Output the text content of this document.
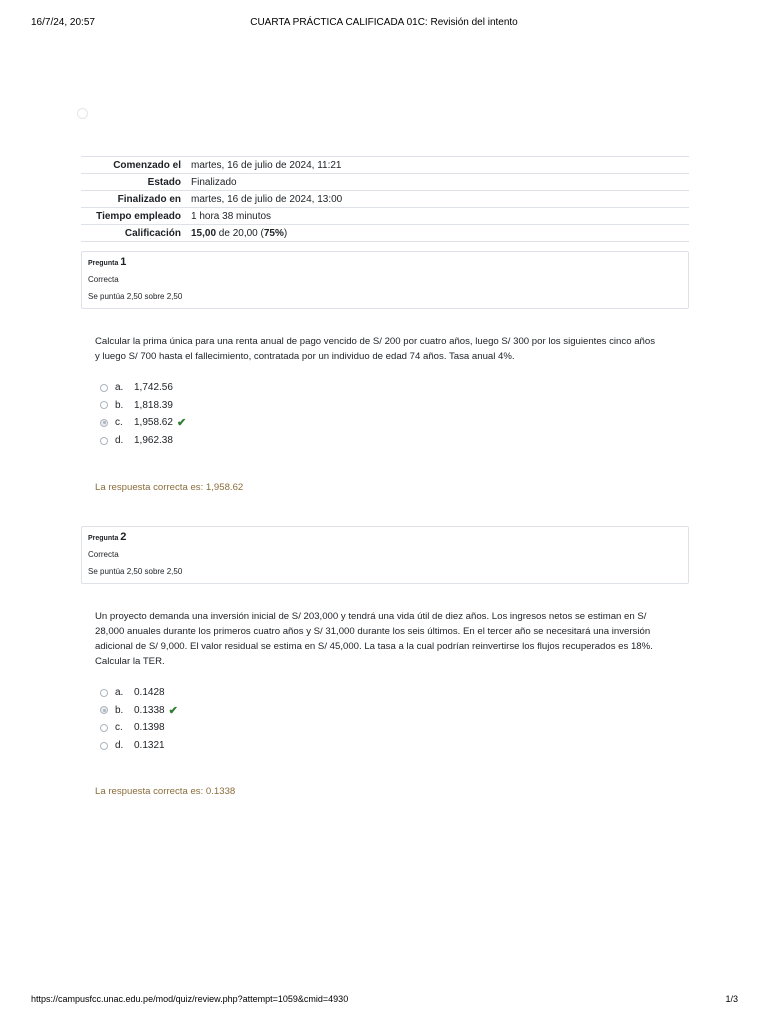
16/7/24, 20:57	CUARTA PRÁCTICA CALIFICADA 01C: Revisión del intento
Comenzado el	martes, 16 de julio de 2024, 11:21
Estado	Finalizado
Finalizado en	martes, 16 de julio de 2024, 13:00
Tiempo empleado	1 hora 38 minutos
Calificación	15,00 de 20,00 (75%)
Pregunta 1
Correcta
Se puntúa 2,50 sobre 2,50
Calcular la prima única para una renta anual de pago vencido de S/ 200 por cuatro años, luego S/ 300 por los siguientes cinco años y luego S/ 700 hasta el fallecimiento, contratada por un individuo de edad 74 años. Tasa anual 4%.
a.	1,742.56
b.	1,818.39
c.	1,958.62 ✔
d.	1,962.38
La respuesta correcta es: 1,958.62
Pregunta 2
Correcta
Se puntúa 2,50 sobre 2,50
Un proyecto demanda una inversión inicial de S/ 203,000 y tendrá una vida útil de diez años. Los ingresos netos se estiman en S/ 28,000 anuales durante los primeros cuatro años y S/ 31,000 durante los seis últimos. En el tercer año se necesitará una inversión adicional de S/ 9,000. El valor residual se estima en S/ 45,000. La tasa a la cual podrían reinvertirse los flujos recuperados es 18%. Calcular la TER.
a.	0.1428
b.	0.1338 ✔
c.	0.1398
d.	0.1321
La respuesta correcta es: 0.1338
https://campusfcc.unac.edu.pe/mod/quiz/review.php?attempt=1059&cmid=4930	1/3
